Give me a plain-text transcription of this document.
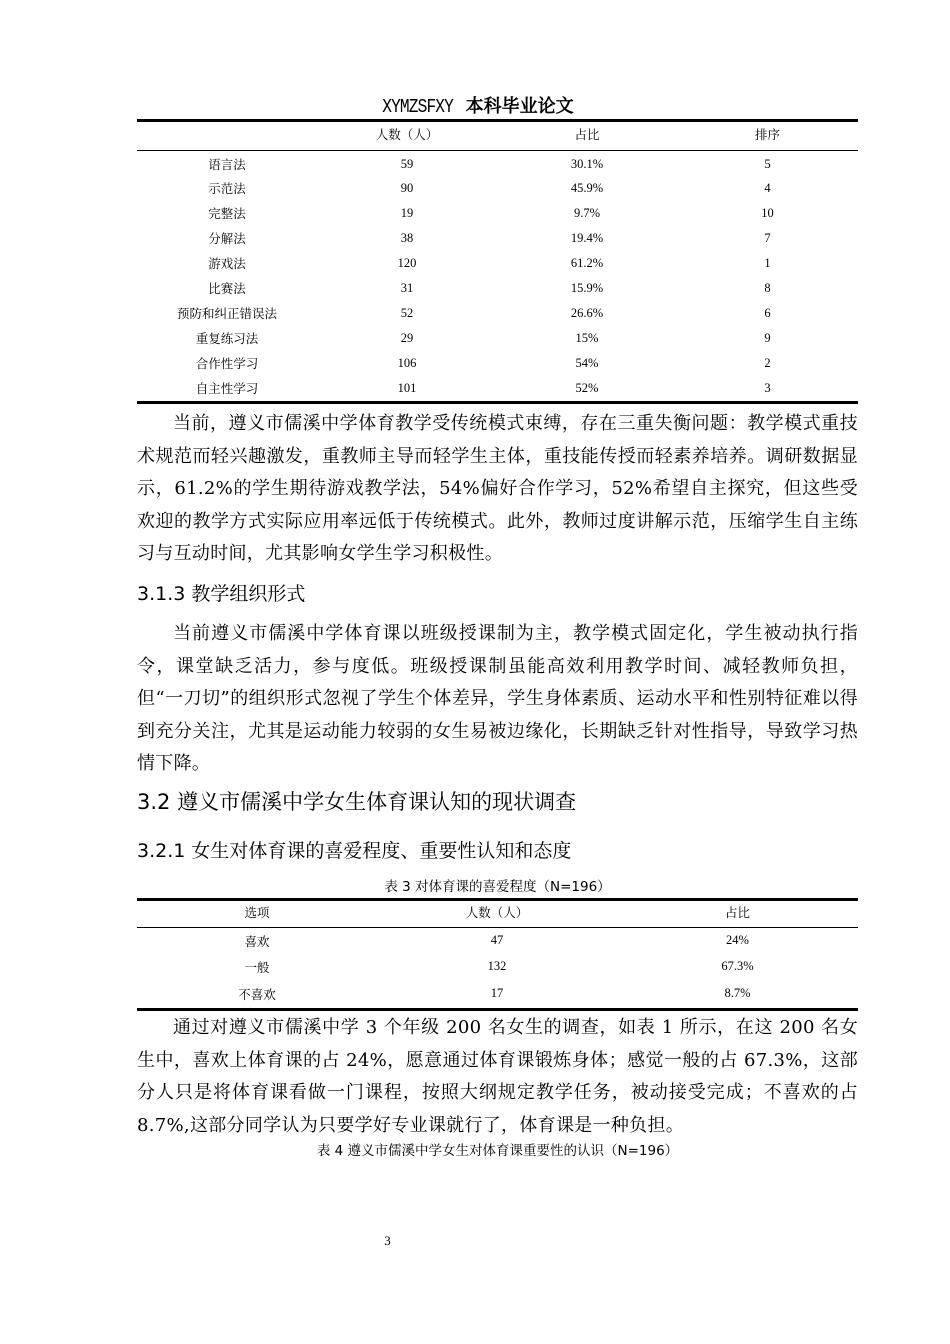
XYMZSFXY 本科毕业论文
	人数（人）	占比	排序
语言法	59	30.1%	5
示范法	90	45.9%	4
完整法	19	9.7%	10
分解法	38	19.4%	7
游戏法	120	61.2%	1
比赛法	31	15.9%	8
预防和纠正错误法	52	26.6%	6
重复练习法	29	15%	9
合作性学习	106	54%	2
自主性学习	101	52%	3

当前，遵义市儒溪中学体育教学受传统模式束缚，存在三重失衡问题：教学模式重技术规范而轻兴趣激发，重教师主导而轻学生主体，重技能传授而轻素养培养。调研数据显示，61.2%的学生期待游戏教学法，54%偏好合作学习，52%希望自主探究，但这些受欢迎的教学方式实际应用率远低于传统模式。此外，教师过度讲解示范，压缩学生自主练习与互动时间，尤其影响女学生学习积极性。

3.1.3 教学组织形式

当前遵义市儒溪中学体育课以班级授课制为主，教学模式固定化，学生被动执行指令，课堂缺乏活力，参与度低。班级授课制虽能高效利用教学时间、减轻教师负担，但“一刀切”的组织形式忽视了学生个体差异，学生身体素质、运动水平和性别特征难以得到充分关注，尤其是运动能力较弱的女生易被边缘化，长期缺乏针对性指导，导致学习热情下降。

3.2 遵义市儒溪中学女生体育课认知的现状调查
3.2.1 女生对体育课的喜爱程度、重要性认知和态度
表 3 对体育课的喜爱程度（N=196）
选项	人数（人）	占比
喜欢	47	24%
一般	132	67.3%
不喜欢	17	8.7%

通过对遵义市儒溪中学 3 个年级 200 名女生的调查，如表 1 所示，在这 200 名女生中，喜欢上体育课的占 24%，愿意通过体育课锻炼身体；感觉一般的占 67.3%，这部分人只是将体育课看做一门课程，按照大纲规定教学任务，被动接受完成；不喜欢的占 8.7%,这部分同学认为只要学好专业课就行了，体育课是一种负担。

表 4 遵义市儒溪中学女生对体育课重要性的认识（N=196）
3
